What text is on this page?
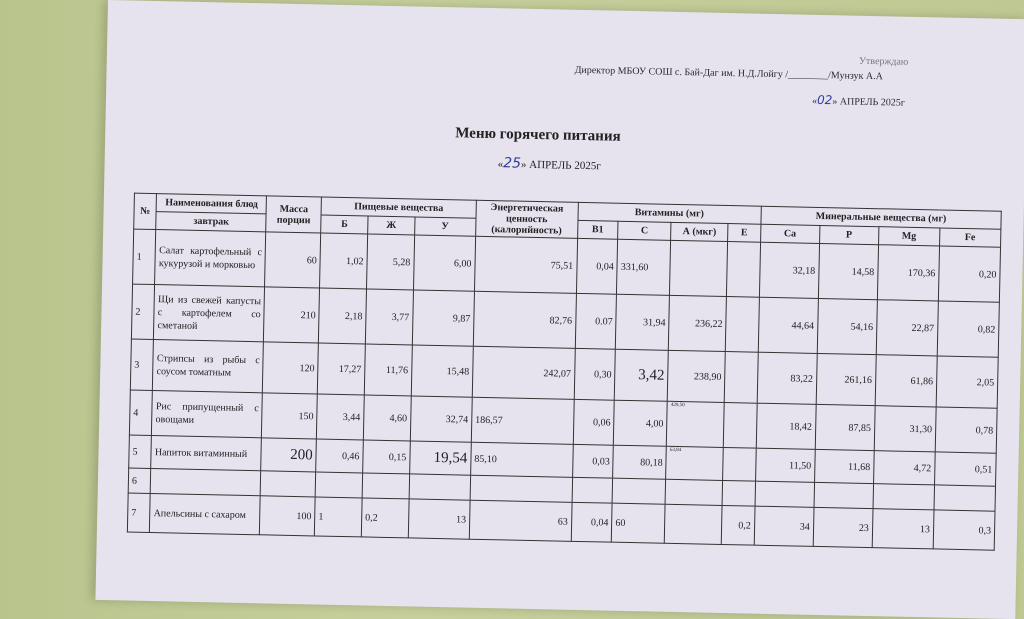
Утверждаю
Директор МБОУ СОШ с. Бай-Даг им. Н.Д.Лойгу /________/Мунзук А.А
«02» АПРЕЛЬ 2025г
Меню горячего питания
«25» АПРЕЛЬ 2025г
№	Наименования блюд	Масса порции	Пищевые вещества			Энергетическая ценность (калорийность)	Витамины (мг)				Минеральные вещества (мг)			
	завтрак		Б	Ж	У		B1	C	А (мкг)	E	Ca	P	Mg	Fe
1	Салат картофельный с кукурузой и морковью	60	1,02	5,28	6,00	75,51	0,04	331,60			32,18	14,58	170,36	0,20
2	Щи из свежей капусты с картофелем со сметаной	210	2,18	3,77	9,87	82,76	0.07	31,94	236,22		44,64	54,16	22,87	0,82
3	Стрипсы из рыбы с соусом томатным	120	17,27	11,76	15,48	242,07	0,30	3,42	238,90		83,22	261,16	61,86	2,05
4	Рис припущенный с овощами	150	3,44	4,60	32,74	186,57	0,06	4,00	429,50		18,42	87,85	31,30	0,78
5	Напиток витаминный	200	0,46	0,15	19,54	85,10	0,03	80,18	63,84		11,50	11,68	4,72	0,51
6														
7	Апельсины с сахаром	100	1	0,2	13	63	0,04	60		0,2	34	23	13	0,3
